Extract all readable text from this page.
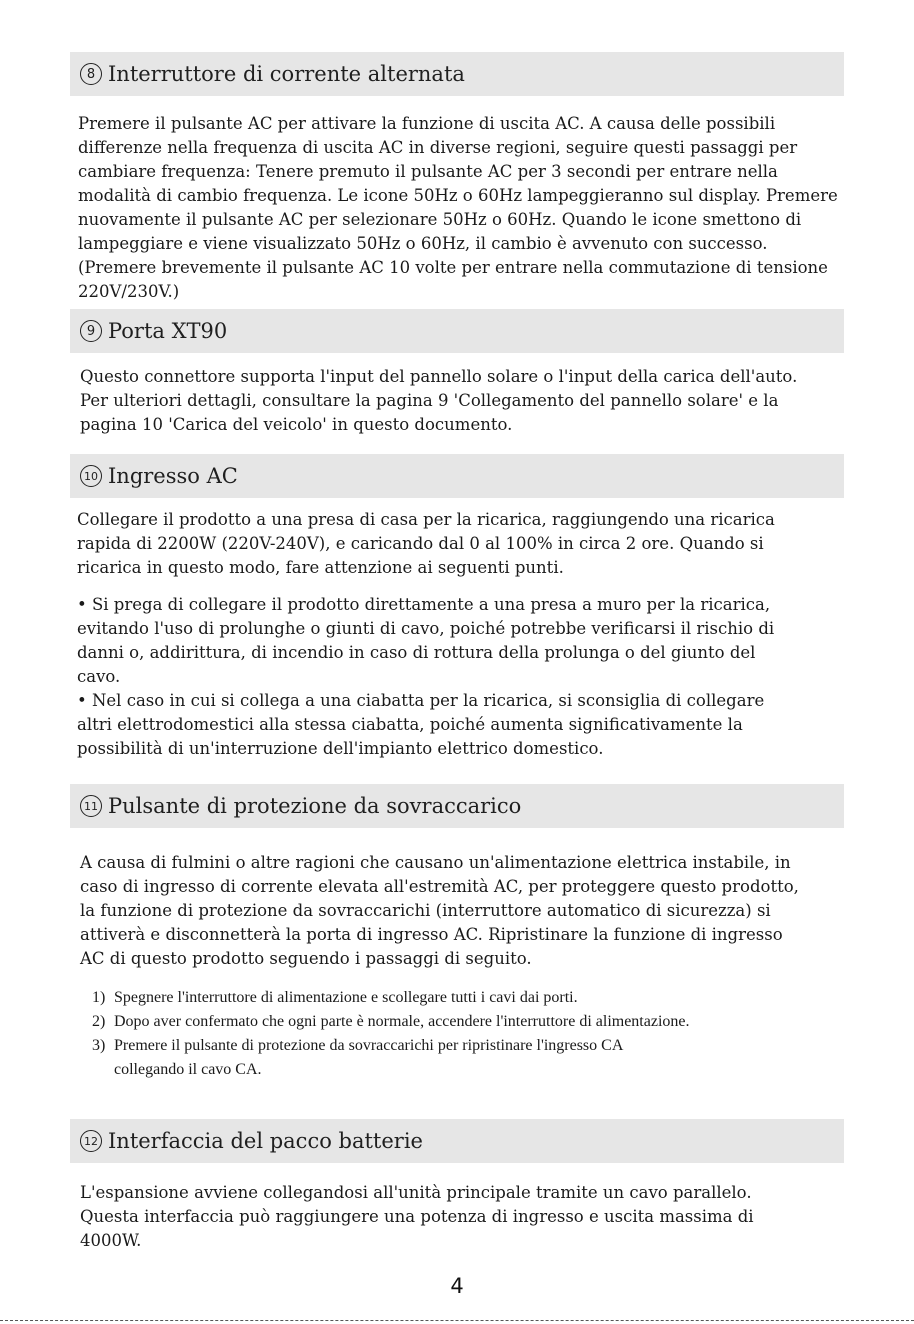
8 Interruttore di corrente alternata
Premere il pulsante AC per attivare la funzione di uscita AC. A causa delle possibili
differenze nella frequenza di uscita AC in diverse regioni, seguire questi passaggi per
cambiare frequenza: Tenere premuto il pulsante AC per 3 secondi per entrare nella
modalità di cambio frequenza. Le icone 50Hz o 60Hz lampeggieranno sul display. Premere
nuovamente il pulsante AC per selezionare 50Hz o 60Hz. Quando le icone smettono di
lampeggiare e viene visualizzato 50Hz o 60Hz, il cambio è avvenuto con successo.
(Premere brevemente il pulsante AC 10 volte per entrare nella commutazione di tensione
220V/230V.)
9 Porta XT90
Questo connettore supporta l'input del pannello solare o l'input della carica dell'auto.
Per ulteriori dettagli, consultare la pagina 9 'Collegamento del pannello solare' e la
pagina 10 'Carica del veicolo' in questo documento.
10 Ingresso AC
Collegare il prodotto a una presa di casa per la ricarica, raggiungendo una ricarica
rapida di 2200W (220V-240V), e caricando dal 0 al 100% in circa 2 ore. Quando si
ricarica in questo modo, fare attenzione ai seguenti punti.
• Si prega di collegare il prodotto direttamente a una presa a muro per la ricarica,
evitando l'uso di prolunghe o giunti di cavo, poiché potrebbe verificarsi il rischio di
danni o, addirittura, di incendio in caso di rottura della prolunga o del giunto del
cavo.
• Nel caso in cui si collega a una ciabatta per la ricarica, si sconsiglia di collegare
altri elettrodomestici alla stessa ciabatta, poiché aumenta significativamente la
possibilità di un'interruzione dell'impianto elettrico domestico.
11 Pulsante di protezione da sovraccarico
A causa di fulmini o altre ragioni che causano un'alimentazione elettrica instabile, in
caso di ingresso di corrente elevata all'estremità AC, per proteggere questo prodotto,
la funzione di protezione da sovraccarichi (interruttore automatico di sicurezza) si
attiverà e disconnetterà la porta di ingresso AC. Ripristinare la funzione di ingresso
AC di questo prodotto seguendo i passaggi di seguito.
1) Spegnere l'interruttore di alimentazione e scollegare tutti i cavi dai porti.
2) Dopo aver confermato che ogni parte è normale, accendere l'interruttore di alimentazione.
3) Premere il pulsante di protezione da sovraccarichi per ripristinare l'ingresso CA
collegando il cavo CA.
12 Interfaccia del pacco batterie
L'espansione avviene collegandosi all'unità principale tramite un cavo parallelo.
Questa interfaccia può raggiungere una potenza di ingresso e uscita massima di
4000W.
4
